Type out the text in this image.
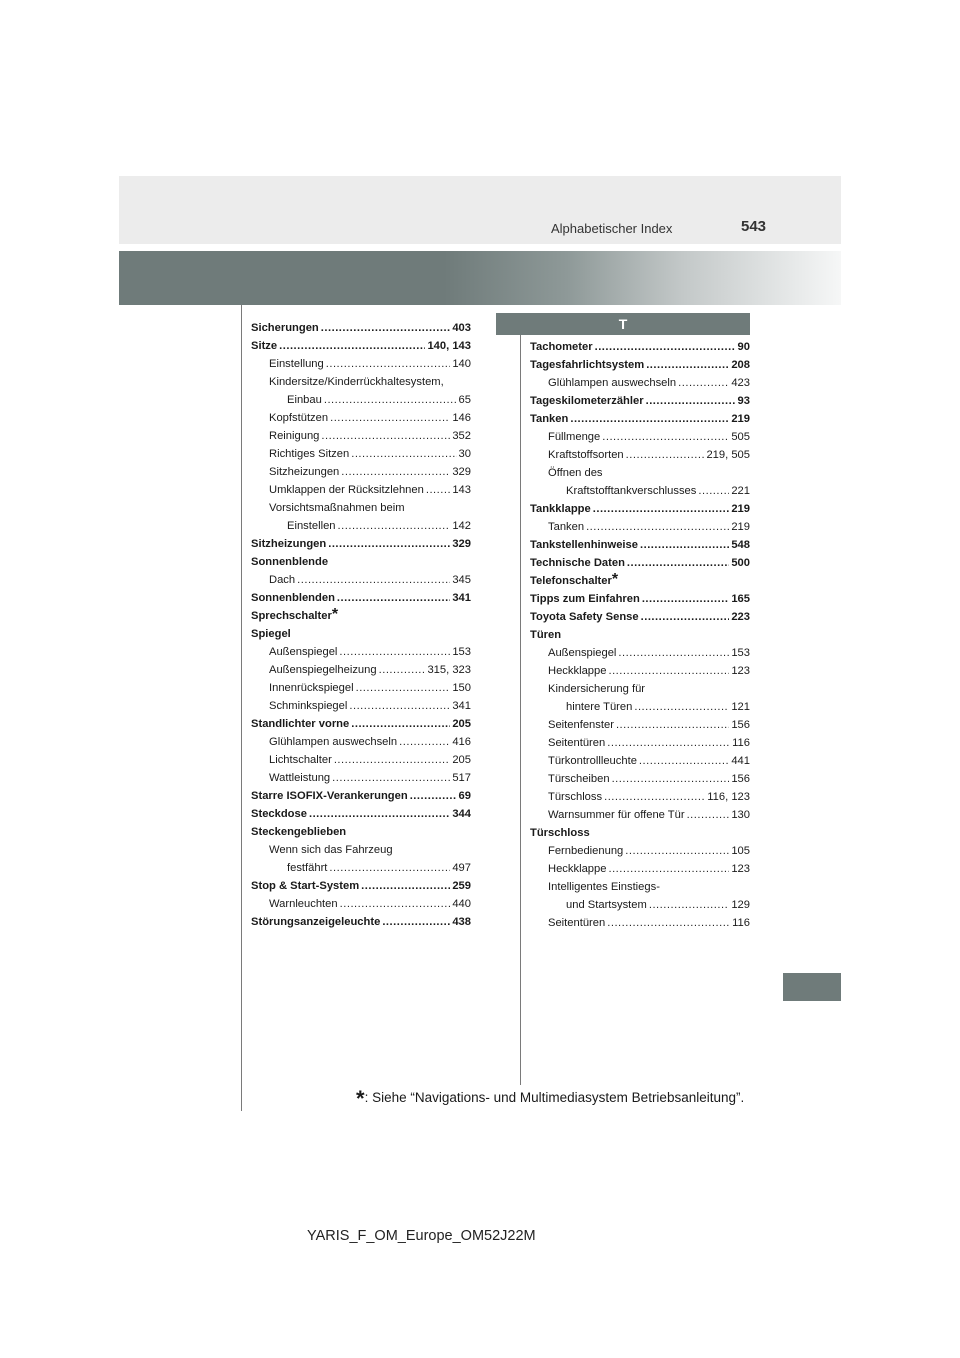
543
Alphabetischer Index
Sicherungen .....	403
Sitze .....	140, 143
Einstellung .....	140
Kindersitze/Kinderrückhaltesystem,
Einbau .....	65
Kopfstützen .....	146
Reinigung .....	352
Richtiges Sitzen .....	30
Sitzheizungen .....	329
Umklappen der Rücksitzlehnen .....	143
Vorsichtsmaßnahmen beim
Einstellen .....	142
Sitzheizungen .....	329
Sonnenblende
Dach .....	345
Sonnenblenden .....	341
Sprechschalter *
Spiegel
Außenspiegel .....	153
Außenspiegelheizung .....	315, 323
Innenrückspiegel .....	150
Schminkspiegel .....	341
Standlichter vorne .....	205
Glühlampen auswechseln .....	416
Lichtschalter .....	205
Wattleistung .....	517
Starre ISOFIX-Verankerungen .....	69
Steckdose .....	344
Steckengeblieben
Wenn sich das Fahrzeug
festfährt .....	497
Stop & Start-System .....	259
Warnleuchten .....	440
Störungsanzeigeleuchte .....	438
T
Tachometer .....	90
Tagesfahrlichtsystem .....	208
Glühlampen auswechseln .....	423
Tageskilometerzähler .....	93
Tanken .....	219
Füllmenge .....	505
Kraftstoffsorten .....	219, 505
Öffnen des
Kraftstofftankverschlusses .....	221
Tankklappe .....	219
Tanken .....	219
Tankstellenhinweise .....	548
Technische Daten .....	500
Telefonschalter *
Tipps zum Einfahren .....	165
Toyota Safety Sense .....	223
Türen
Außenspiegel .....	153
Heckklappe .....	123
Kindersicherung für
hintere Türen .....	121
Seitenfenster .....	156
Seitentüren .....	116
Türkontrollleuchte .....	441
Türscheiben .....	156
Türschloss .....	116, 123
Warnsummer für offene Tür .....	130
Türschloss
Fernbedienung .....	105
Heckklappe .....	123
Intelligentes Einstiegs-
und Startsystem .....	129
Seitentüren .....	116
*: Siehe “Navigations- und Multimediasystem Betriebsanleitung”.
YARIS_F_OM_Europe_OM52J22M
